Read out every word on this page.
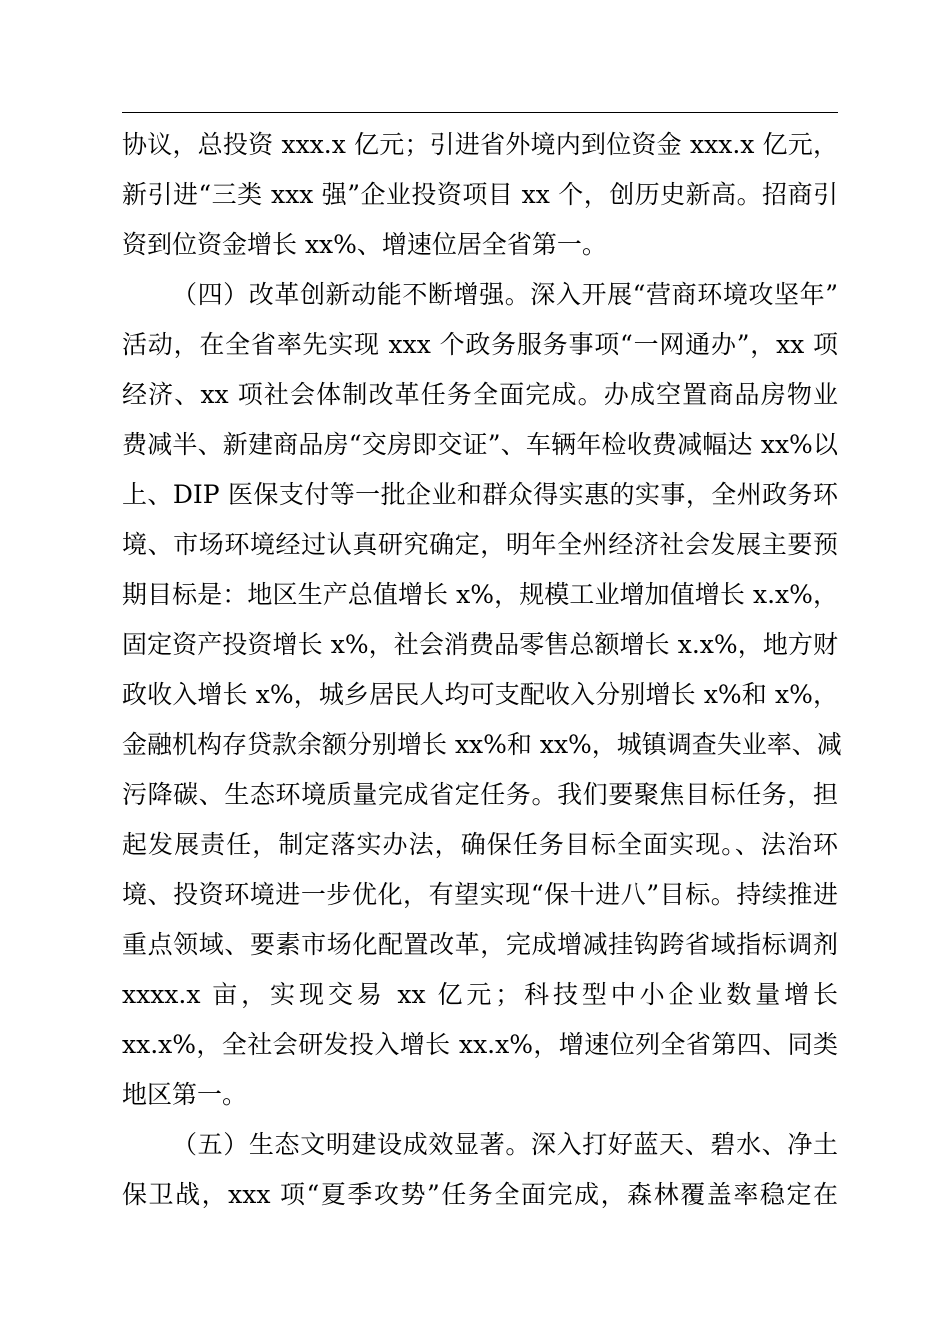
协议，总投资 xxx.x 亿元；引进省外境内到位资金 xxx.x 亿元，
新引进“三类 xxx 强”企业投资项目 xx 个，创历史新高。招商引
资到位资金增长 xx%、增速位居全省第一。
（四）改革创新动能不断增强。深入开展“营商环境攻坚年”
活动，在全省率先实现 xxx 个政务服务事项“一网通办”，xx 项
经济、xx 项社会体制改革任务全面完成。办成空置商品房物业
费减半、新建商品房“交房即交证”、车辆年检收费减幅达 xx%以
上、DIP 医保支付等一批企业和群众得实惠的实事，全州政务环
境、市场环境经过认真研究确定，明年全州经济社会发展主要预
期目标是：地区生产总值增长 x%，规模工业增加值增长 x.x%，
固定资产投资增长 x%，社会消费品零售总额增长 x.x%，地方财
政收入增长 x%，城乡居民人均可支配收入分别增长 x%和 x%，
金融机构存贷款余额分别增长 xx%和 xx%，城镇调查失业率、减
污降碳、生态环境质量完成省定任务。我们要聚焦目标任务，担
起发展责任，制定落实办法，确保任务目标全面实现。、法治环
境、投资环境进一步优化，有望实现“保十进八”目标。持续推进
重点领域、要素市场化配置改革，完成增减挂钩跨省域指标调剂
xxxx.x 亩，实现交易 xx 亿元；科技型中小企业数量增长
xx.x%，全社会研发投入增长 xx.x%，增速位列全省第四、同类
地区第一。
（五）生态文明建设成效显著。深入打好蓝天、碧水、净土
保卫战，xxx 项“夏季攻势”任务全面完成，森林覆盖率稳定在
